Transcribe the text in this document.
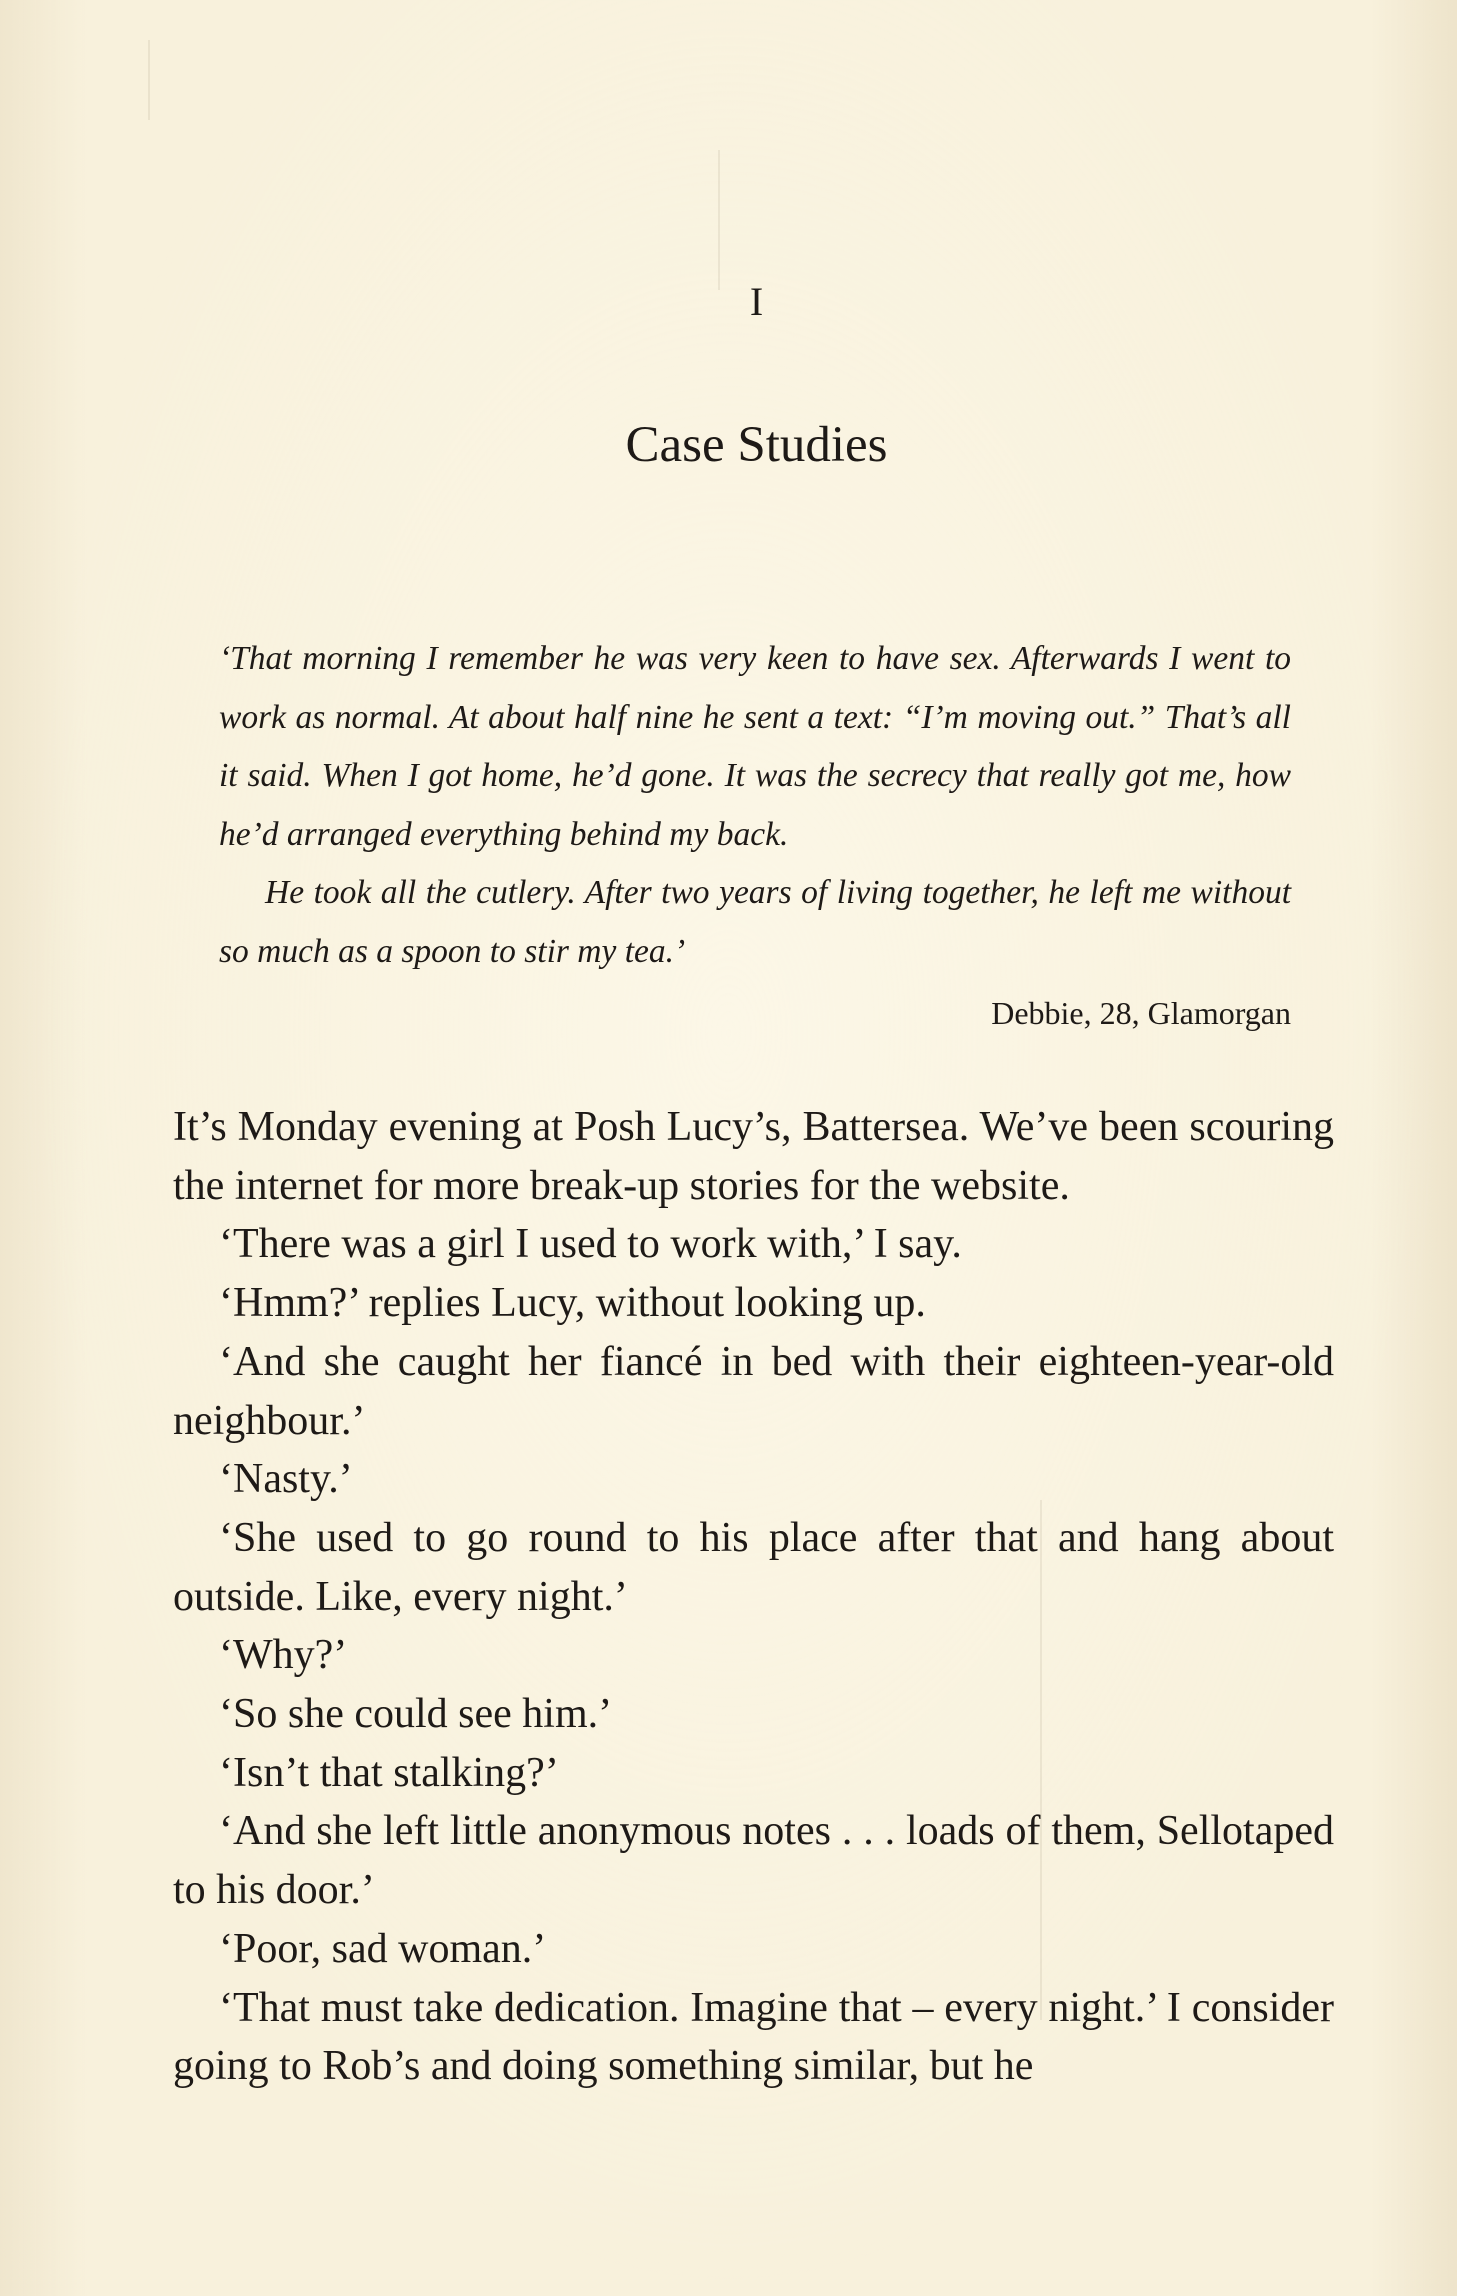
I
Case Studies

‘That morning I remember he was very keen to have sex. Afterwards I went to work as normal. At about half nine he sent a text: “I’m moving out.” That’s all it said. When I got home, he’d gone. It was the secrecy that really got me, how he’d arranged everything behind my back.

He took all the cutlery. After two years of living together, he left me without so much as a spoon to stir my tea.’

Debbie, 28, Glamorgan

It’s Monday evening at Posh Lucy’s, Battersea. We’ve been scouring the internet for more break-up stories for the website.

‘There was a girl I used to work with,’ I say.

‘Hmm?’ replies Lucy, without looking up.

‘And she caught her fiancé in bed with their eighteen-year-old neighbour.’

‘Nasty.’

‘She used to go round to his place after that and hang about outside. Like, every night.’

‘Why?’

‘So she could see him.’

‘Isn’t that stalking?’

‘And she left little anonymous notes . . . loads of them, Sellotaped to his door.’

‘Poor, sad woman.’

‘That must take dedication. Imagine that – every night.’ I consider going to Rob’s and doing something similar, but he
